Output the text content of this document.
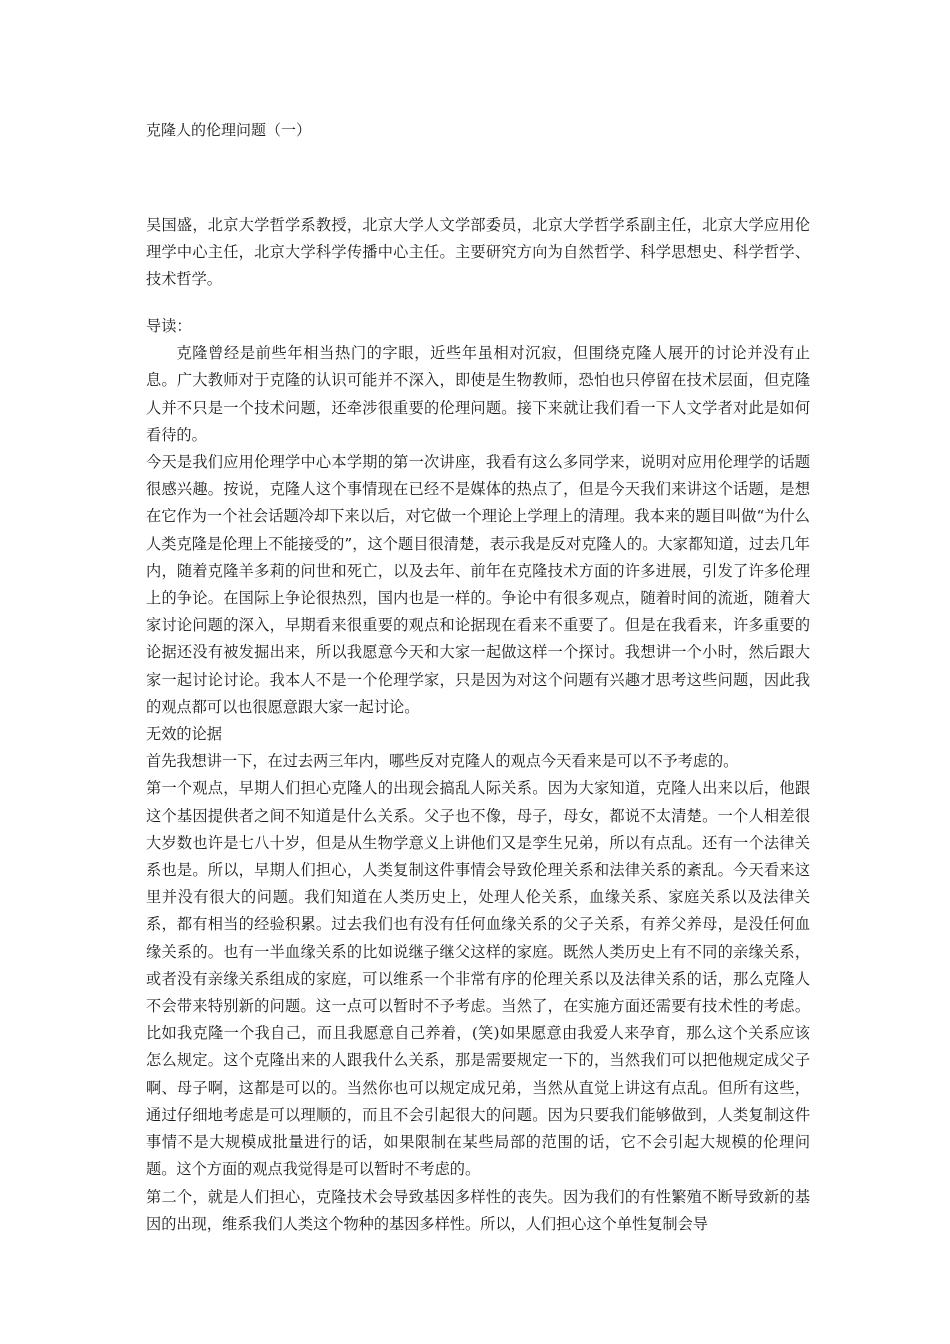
克隆人的伦理问题（一）
吴国盛，北京大学哲学系教授，北京大学人文学部委员，北京大学哲学系副主任，北京大学应用伦理学中心主任，北京大学科学传播中心主任。主要研究方向为自然哲学、科学思想史、科学哲学、技术哲学。

导读：

克隆曾经是前些年相当热门的字眼，近些年虽相对沉寂，但围绕克隆人展开的讨论并没有止息。广大教师对于克隆的认识可能并不深入，即使是生物教师，恐怕也只停留在技术层面，但克隆人并不只是一个技术问题，还牵涉很重要的伦理问题。接下来就让我们看一下人文学者对此是如何看待的。

今天是我们应用伦理学中心本学期的第一次讲座，我看有这么多同学来，说明对应用伦理学的话题很感兴趣。按说，克隆人这个事情现在已经不是媒体的热点了，但是今天我们来讲这个话题，是想在它作为一个社会话题冷却下来以后，对它做一个理论上学理上的清理。我本来的题目叫做“为什么人类克隆是伦理上不能接受的”，这个题目很清楚，表示我是反对克隆人的。大家都知道，过去几年内，随着克隆羊多莉的问世和死亡，以及去年、前年在克隆技术方面的许多进展，引发了许多伦理上的争论。在国际上争论很热烈，国内也是一样的。争论中有很多观点，随着时间的流逝，随着大家讨论问题的深入，早期看来很重要的观点和论据现在看来不重要了。但是在我看来，许多重要的论据还没有被发掘出来，所以我愿意今天和大家一起做这样一个探讨。我想讲一个小时，然后跟大家一起讨论讨论。我本人不是一个伦理学家，只是因为对这个问题有兴趣才思考这些问题，因此我的观点都可以也很愿意跟大家一起讨论。

无效的论据

首先我想讲一下，在过去两三年内，哪些反对克隆人的观点今天看来是可以不予考虑的。

第一个观点，早期人们担心克隆人的出现会搞乱人际关系。因为大家知道，克隆人出来以后，他跟这个基因提供者之间不知道是什么关系。父子也不像，母子，母女，都说不太清楚。一个人相差很大岁数也许是七八十岁，但是从生物学意义上讲他们又是孪生兄弟，所以有点乱。还有一个法律关系也是。所以，早期人们担心，人类复制这件事情会导致伦理关系和法律关系的紊乱。今天看来这里并没有很大的问题。我们知道在人类历史上，处理人伦关系，血缘关系、家庭关系以及法律关系，都有相当的经验积累。过去我们也有没有任何血缘关系的父子关系，有养父养母，是没任何血缘关系的。也有一半血缘关系的比如说继子继父这样的家庭。既然人类历史上有不同的亲缘关系，或者没有亲缘关系组成的家庭，可以维系一个非常有序的伦理关系以及法律关系的话，那么克隆人不会带来特别新的问题。这一点可以暂时不予考虑。当然了，在实施方面还需要有技术性的考虑。比如我克隆一个我自己，而且我愿意自己养着，(笑)如果愿意由我爱人来孕育，那么这个关系应该怎么规定。这个克隆出来的人跟我什么关系，那是需要规定一下的，当然我们可以把他规定成父子啊、母子啊，这都是可以的。当然你也可以规定成兄弟，当然从直觉上讲这有点乱。但所有这些，通过仔细地考虑是可以理顺的，而且不会引起很大的问题。因为只要我们能够做到，人类复制这件事情不是大规模成批量进行的话，如果限制在某些局部的范围的话，它不会引起大规模的伦理问题。这个方面的观点我觉得是可以暂时不考虑的。

第二个，就是人们担心，克隆技术会导致基因多样性的丧失。因为我们的有性繁殖不断导致新的基因的出现，维系我们人类这个物种的基因多样性。所以，人们担心这个单性复制会导
